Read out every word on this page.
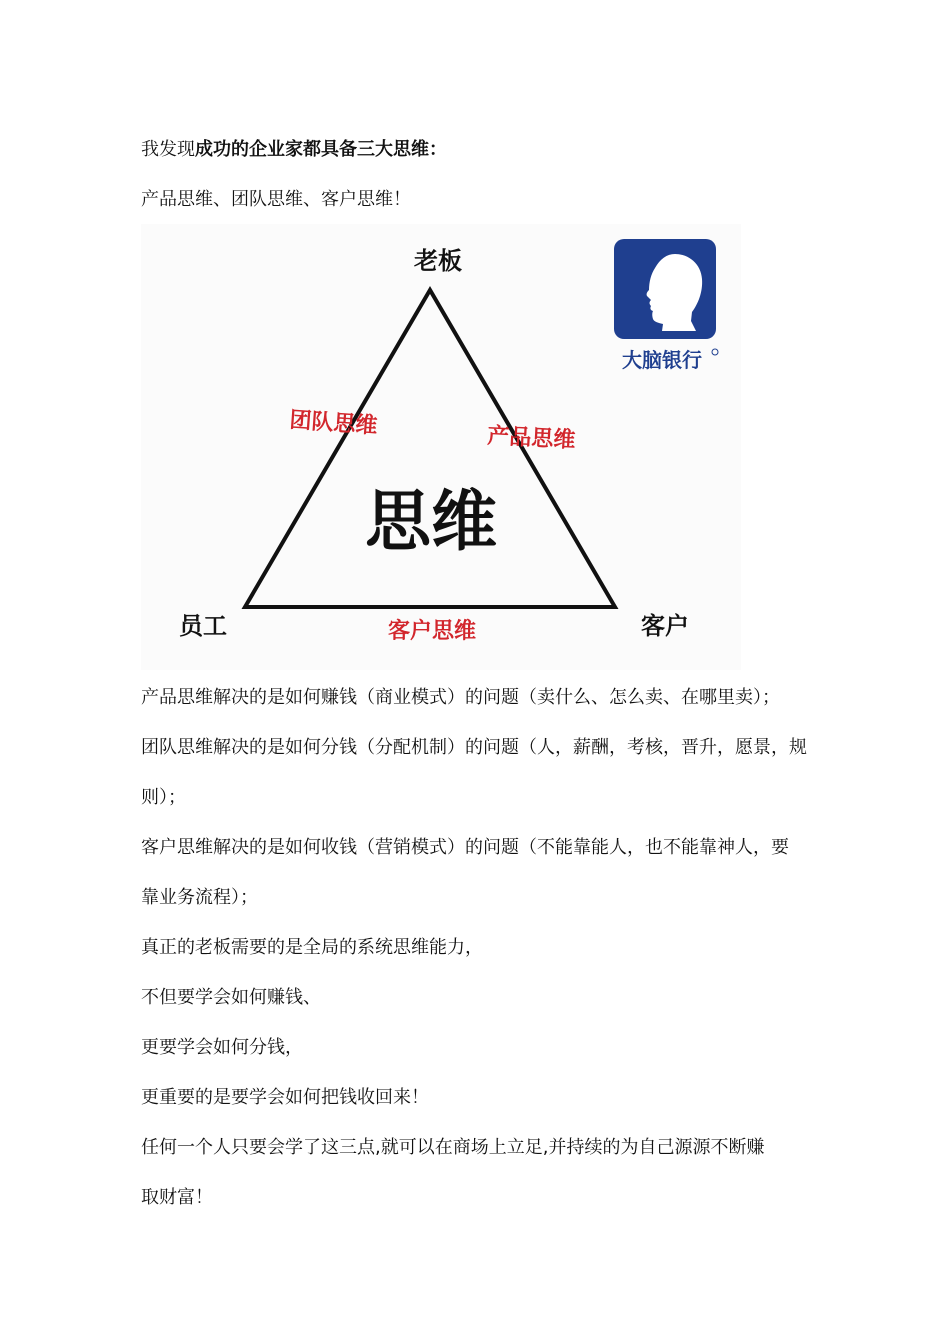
我发现成功的企业家都具备三大思维：
产品思维、团队思维、客户思维！
老板
员工	客户
思维
团队思维	产品思维
客户思维
大脑银行
产品思维解决的是如何赚钱（商业模式）的问题（卖什么、怎么卖、在哪里卖）；
团队思维解决的是如何分钱（分配机制）的问题（人，薪酬，考核，晋升，愿景，规
则）；
客户思维解决的是如何收钱（营销模式）的问题（不能靠能人，也不能靠神人，要
靠业务流程）；
真正的老板需要的是全局的系统思维能力，
不但要学会如何赚钱、
更要学会如何分钱，
更重要的是要学会如何把钱收回来！
任何一个人只要会学了这三点,就可以在商场上立足,并持续的为自己源源不断赚
取财富！
